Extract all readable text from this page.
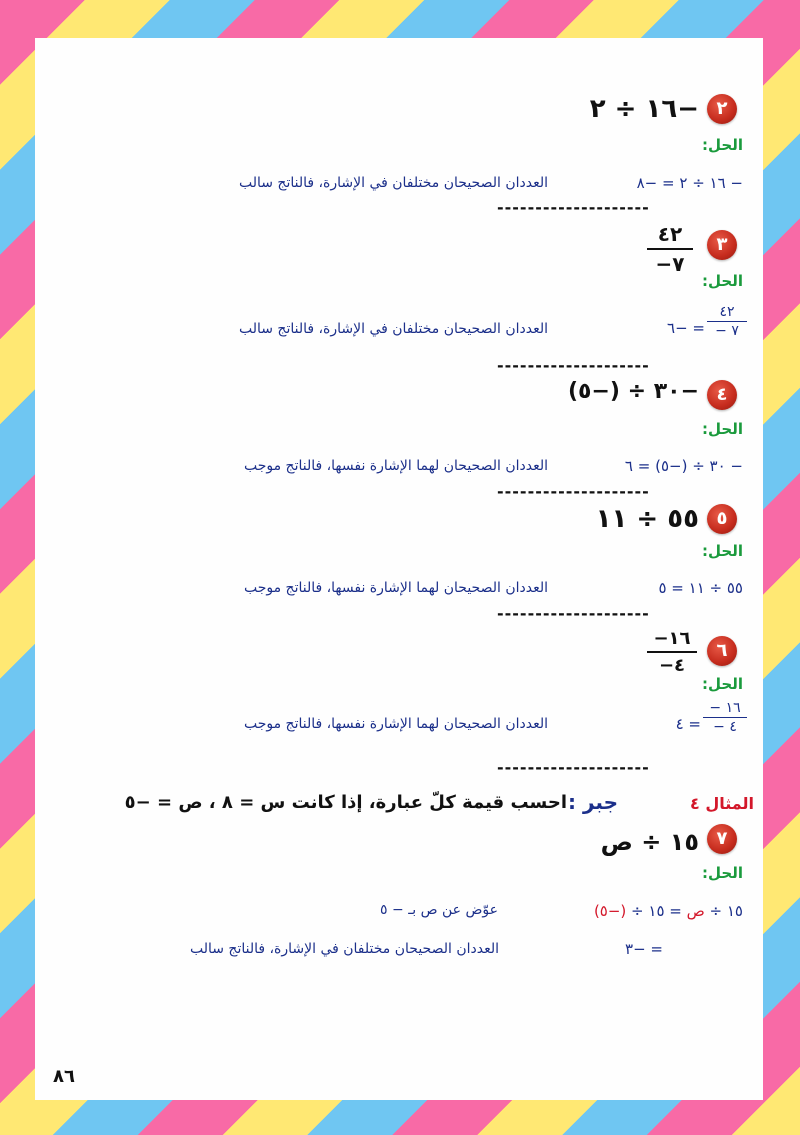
٢
−١٦ ÷ ٢
الحل:
− ١٦ ÷ ٢ = −٨
العددان الصحيحان مختلفان في الإشارة، فالناتج سالب
--------------------
٣
٤٢
−٧
الحل:
٤٢
− ٧
= −٦
العددان الصحيحان مختلفان في الإشارة، فالناتج سالب
--------------------
٤
−٣٠ ÷ (−٥)
الحل:
− ٣٠ ÷ (−٥) = ٦
العددان الصحيحان لهما الإشارة نفسها، فالناتج موجب
--------------------
٥
٥٥ ÷ ١١
الحل:
٥٥ ÷ ١١ = ٥
العددان الصحيحان لهما الإشارة نفسها، فالناتج موجب
--------------------
٦
−١٦
−٤
الحل:
− ١٦
− ٤
= ٤
العددان الصحيحان لهما الإشارة نفسها، فالناتج موجب
--------------------
المثال ٤
جبر :
احسب قيمة كلّ عبارة، إذا كانت س = ٨ ، ص = −٥
٧
١٥ ÷ ص
الحل:
١٥ ÷ ص = ١٥ ÷ (−٥)
عوّض عن ص بـ − ٥
= −٣
العددان الصحيحان مختلفان في الإشارة، فالناتج سالب
٨٦
